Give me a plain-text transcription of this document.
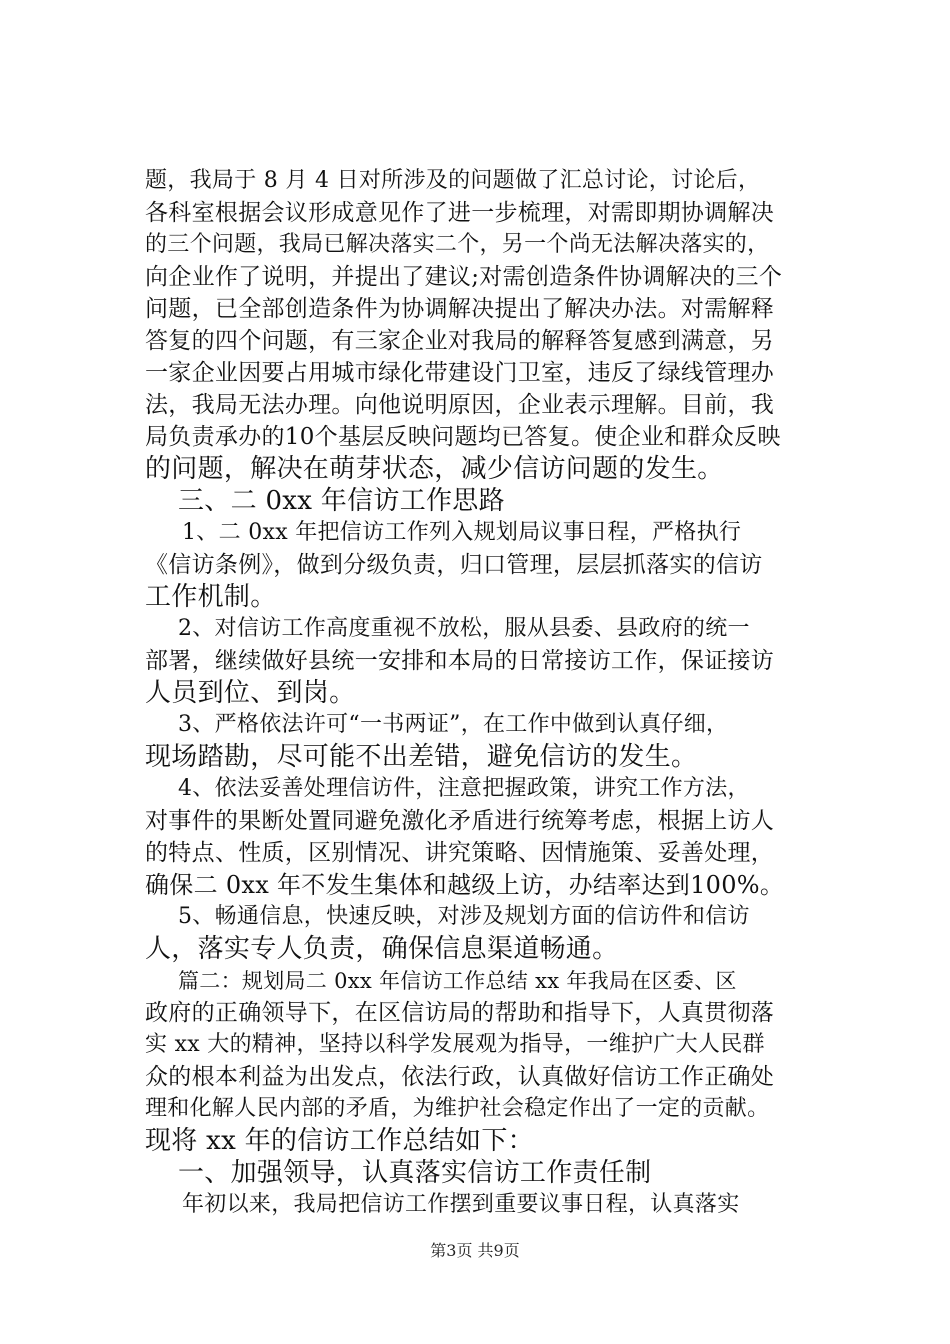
题，我局于 8 月 4 日对所涉及的问题做了汇总讨论，讨论后，
各科室根据会议形成意见作了进一步梳理，对需即期协调解决
的三个问题，我局已解决落实二个，另一个尚无法解决落实的，
向企业作了说明，并提出了建议;对需创造条件协调解决的三个
问题，已全部创造条件为协调解决提出了解决办法。对需解释
答复的四个问题，有三家企业对我局的解释答复感到满意，另
一家企业因要占用城市绿化带建设门卫室，违反了绿线管理办
法，我局无法办理。向他说明原因，企业表示理解。目前，我
局负责承办的10个基层反映问题均已答复。使企业和群众反映
的问题，解决在萌芽状态，减少信访问题的发生。
三、二 0xx 年信访工作思路
1、二 0xx 年把信访工作列入规划局议事日程，严格执行
《信访条例》，做到分级负责，归口管理，层层抓落实的信访
工作机制。
2、对信访工作高度重视不放松，服从县委、县政府的统一
部署，继续做好县统一安排和本局的日常接访工作，保证接访
人员到位、到岗。
3、严格依法许可“一书两证”，在工作中做到认真仔细，
现场踏勘，尽可能不出差错，避免信访的发生。
4、依法妥善处理信访件，注意把握政策，讲究工作方法，
对事件的果断处置同避免激化矛盾进行统筹考虑，根据上访人
的特点、性质，区别情况、讲究策略、因情施策、妥善处理，
确保二 0xx 年不发生集体和越级上访，办结率达到100%。
5、畅通信息，快速反映，对涉及规划方面的信访件和信访
人，落实专人负责，确保信息渠道畅通。
篇二：规划局二 0xx 年信访工作总结 xx 年我局在区委、区
政府的正确领导下，在区信访局的帮助和指导下，人真贯彻落
实 xx 大的精神，坚持以科学发展观为指导，一维护广大人民群
众的根本利益为出发点，依法行政，认真做好信访工作正确处
理和化解人民内部的矛盾，为维护社会稳定作出了一定的贡献。
现将 xx 年的信访工作总结如下：
一、加强领导，认真落实信访工作责任制
年初以来，我局把信访工作摆到重要议事日程，认真落实
第3页 共9页
